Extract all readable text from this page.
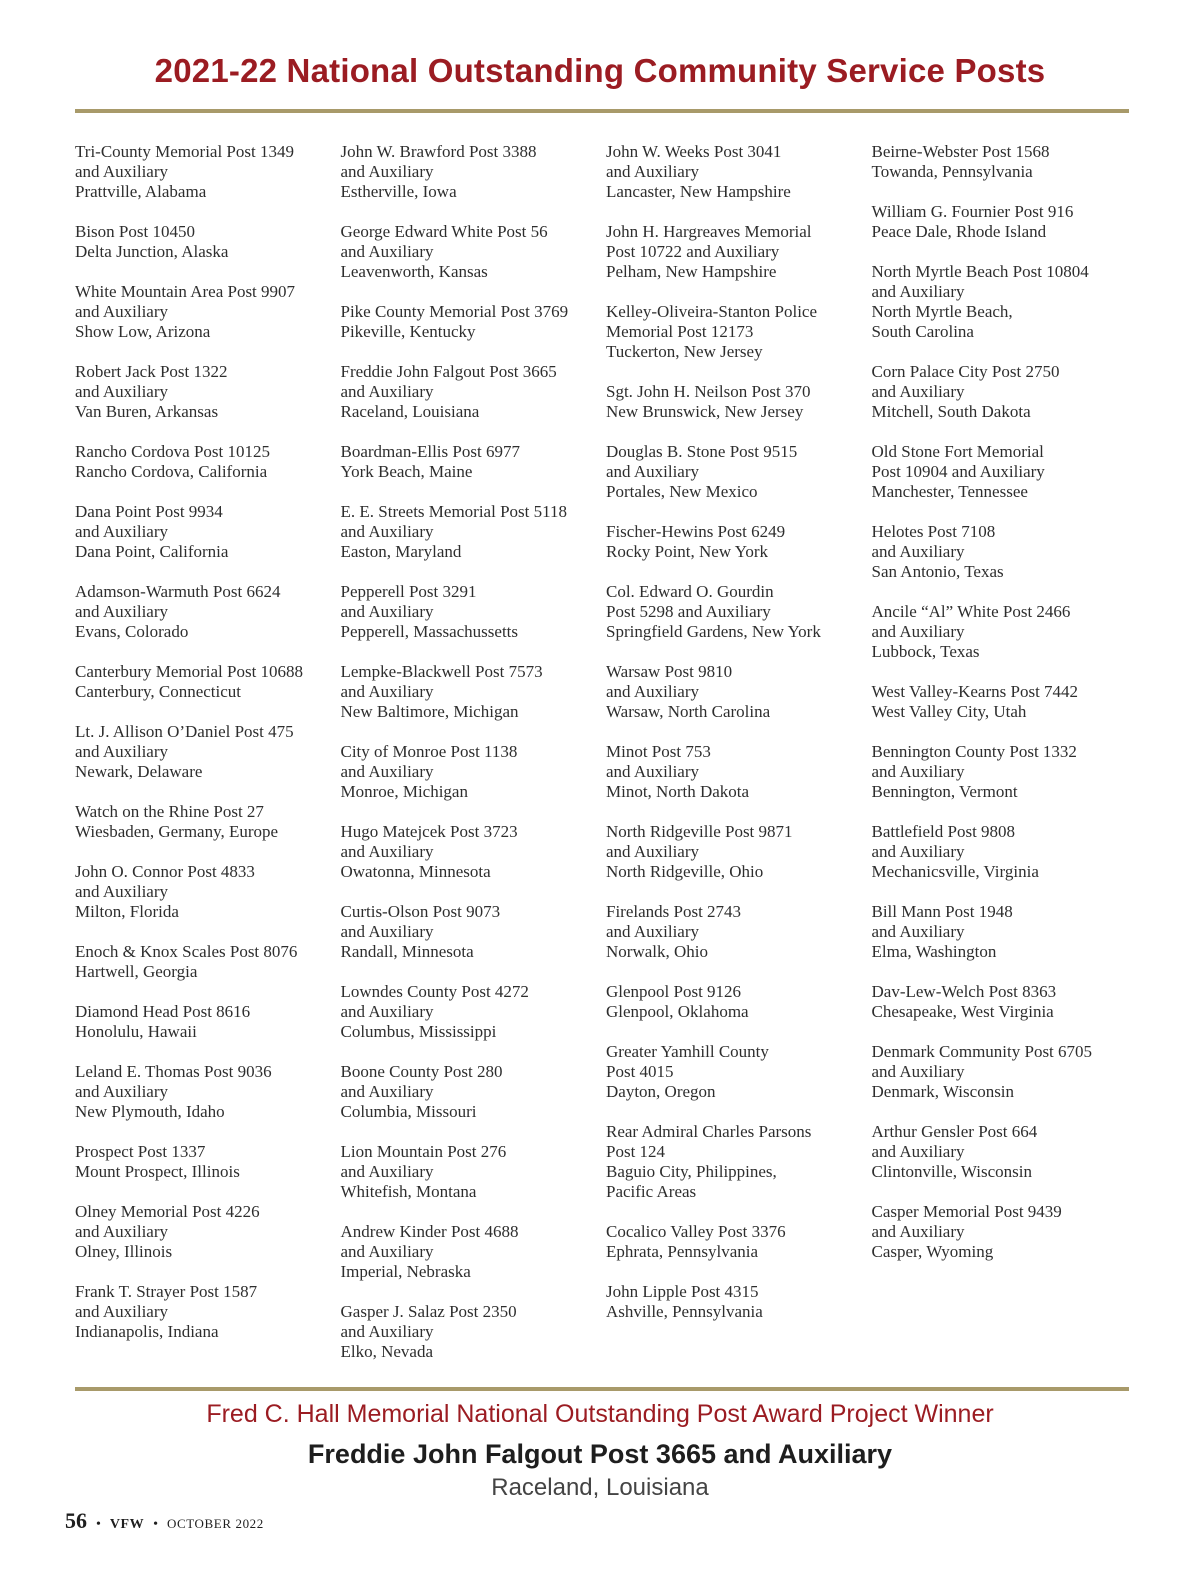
2021-22 National Outstanding Community Service Posts
Tri-County Memorial Post 1349
and Auxiliary
Prattville, Alabama
Bison Post 10450
Delta Junction, Alaska
White Mountain Area Post 9907
and Auxiliary
Show Low, Arizona
Robert Jack Post 1322
and Auxiliary
Van Buren, Arkansas
Rancho Cordova Post 10125
Rancho Cordova, California
Dana Point Post 9934
and Auxiliary
Dana Point, California
Adamson-Warmuth Post 6624
and Auxiliary
Evans, Colorado
Canterbury Memorial Post 10688
Canterbury, Connecticut
Lt. J. Allison O’Daniel Post 475
and Auxiliary
Newark, Delaware
Watch on the Rhine Post 27
Wiesbaden, Germany, Europe
John O. Connor Post 4833
and Auxiliary
Milton, Florida
Enoch & Knox Scales Post 8076
Hartwell, Georgia
Diamond Head Post 8616
Honolulu, Hawaii
Leland E. Thomas Post 9036
and Auxiliary
New Plymouth, Idaho
Prospect Post 1337
Mount Prospect, Illinois
Olney Memorial Post 4226
and Auxiliary
Olney, Illinois
Frank T. Strayer Post 1587
and Auxiliary
Indianapolis, Indiana
John W. Brawford Post 3388
and Auxiliary
Estherville, Iowa
George Edward White Post 56
and Auxiliary
Leavenworth, Kansas
Pike County Memorial Post 3769
Pikeville, Kentucky
Freddie John Falgout Post 3665
and Auxiliary
Raceland, Louisiana
Boardman-Ellis Post 6977
York Beach, Maine
E. E. Streets Memorial Post 5118
and Auxiliary
Easton, Maryland
Pepperell Post 3291
and Auxiliary
Pepperell, Massachussetts
Lempke-Blackwell Post 7573
and Auxiliary
New Baltimore, Michigan
City of Monroe Post 1138
and Auxiliary
Monroe, Michigan
Hugo Matejcek Post 3723
and Auxiliary
Owatonna, Minnesota
Curtis-Olson Post 9073
and Auxiliary
Randall, Minnesota
Lowndes County Post 4272
and Auxiliary
Columbus, Mississippi
Boone County Post 280
and Auxiliary
Columbia, Missouri
Lion Mountain Post 276
and Auxiliary
Whitefish, Montana
Andrew Kinder Post 4688
and Auxiliary
Imperial, Nebraska
Gasper J. Salaz Post 2350
and Auxiliary
Elko, Nevada
John W. Weeks Post 3041
and Auxiliary
Lancaster, New Hampshire
John H. Hargreaves Memorial
Post 10722 and Auxiliary
Pelham, New Hampshire
Kelley-Oliveira-Stanton Police
Memorial Post 12173
Tuckerton, New Jersey
Sgt. John H. Neilson Post 370
New Brunswick, New Jersey
Douglas B. Stone Post 9515
and Auxiliary
Portales, New Mexico
Fischer-Hewins Post 6249
Rocky Point, New York
Col. Edward O. Gourdin
Post 5298 and Auxiliary
Springfield Gardens, New York
Warsaw Post 9810
and Auxiliary
Warsaw, North Carolina
Minot Post 753
and Auxiliary
Minot, North Dakota
North Ridgeville Post 9871
and Auxiliary
North Ridgeville, Ohio
Firelands Post 2743
and Auxiliary
Norwalk, Ohio
Glenpool Post 9126
Glenpool, Oklahoma
Greater Yamhill County
Post 4015
Dayton, Oregon
Rear Admiral Charles Parsons
Post 124
Baguio City, Philippines,
Pacific Areas
Cocalico Valley Post 3376
Ephrata, Pennsylvania
John Lipple Post 4315
Ashville, Pennsylvania
Beirne-Webster Post 1568
Towanda, Pennsylvania
William G. Fournier Post 916
Peace Dale, Rhode Island
North Myrtle Beach Post 10804
and Auxiliary
North Myrtle Beach,
South Carolina
Corn Palace City Post 2750
and Auxiliary
Mitchell, South Dakota
Old Stone Fort Memorial
Post 10904 and Auxiliary
Manchester, Tennessee
Helotes Post 7108
and Auxiliary
San Antonio, Texas
Ancile “Al” White Post 2466
and Auxiliary
Lubbock, Texas
West Valley-Kearns Post 7442
West Valley City, Utah
Bennington County Post 1332
and Auxiliary
Bennington, Vermont
Battlefield Post 9808
and Auxiliary
Mechanicsville, Virginia
Bill Mann Post 1948
and Auxiliary
Elma, Washington
Dav-Lew-Welch Post 8363
Chesapeake, West Virginia
Denmark Community Post 6705
and Auxiliary
Denmark, Wisconsin
Arthur Gensler Post 664
and Auxiliary
Clintonville, Wisconsin
Casper Memorial Post 9439
and Auxiliary
Casper, Wyoming
Fred C. Hall Memorial National Outstanding Post Award Project Winner
Freddie John Falgout Post 3665 and Auxiliary
Raceland, Louisiana
56 • VFW • OCTOBER 2022
